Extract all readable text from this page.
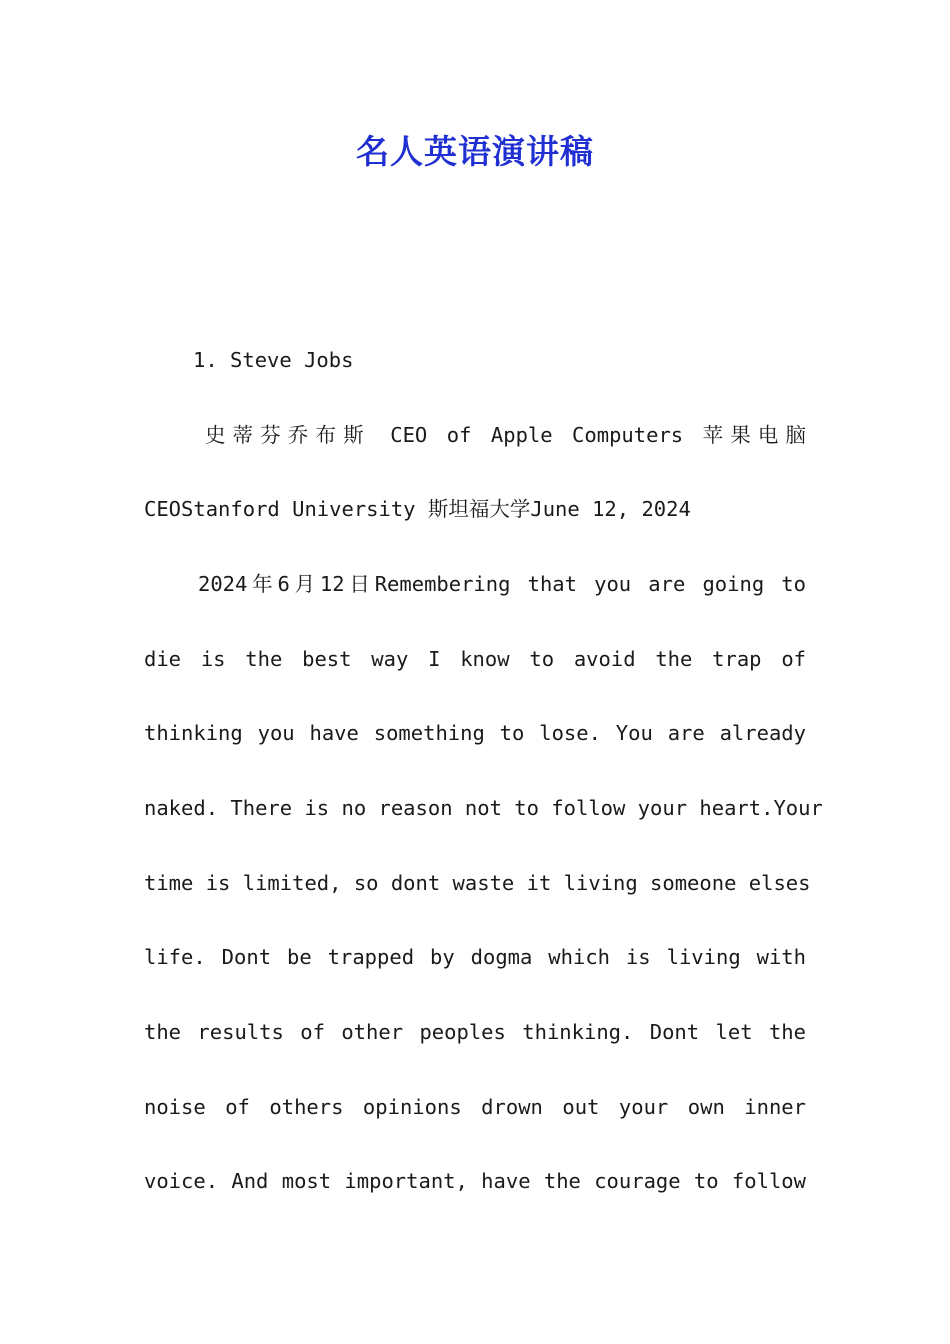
名人英语演讲稿
1. Steve Jobs
史蒂芬乔布斯 CEO of Apple Computers 苹果电脑
CEOStanford University 斯坦福大学June 12, 2024
2024年6月12日Remembering that you are going to
die is the best way I know to avoid the trap of
thinking you have something to lose. You are already
naked. There is no reason not to follow your heart.Your
time is limited, so dont waste it living someone elses
life. Dont be trapped by dogma which is living with
the results of other peoples thinking. Dont let the
noise of others opinions drown out your own inner
voice. And most important, have the courage to follow
